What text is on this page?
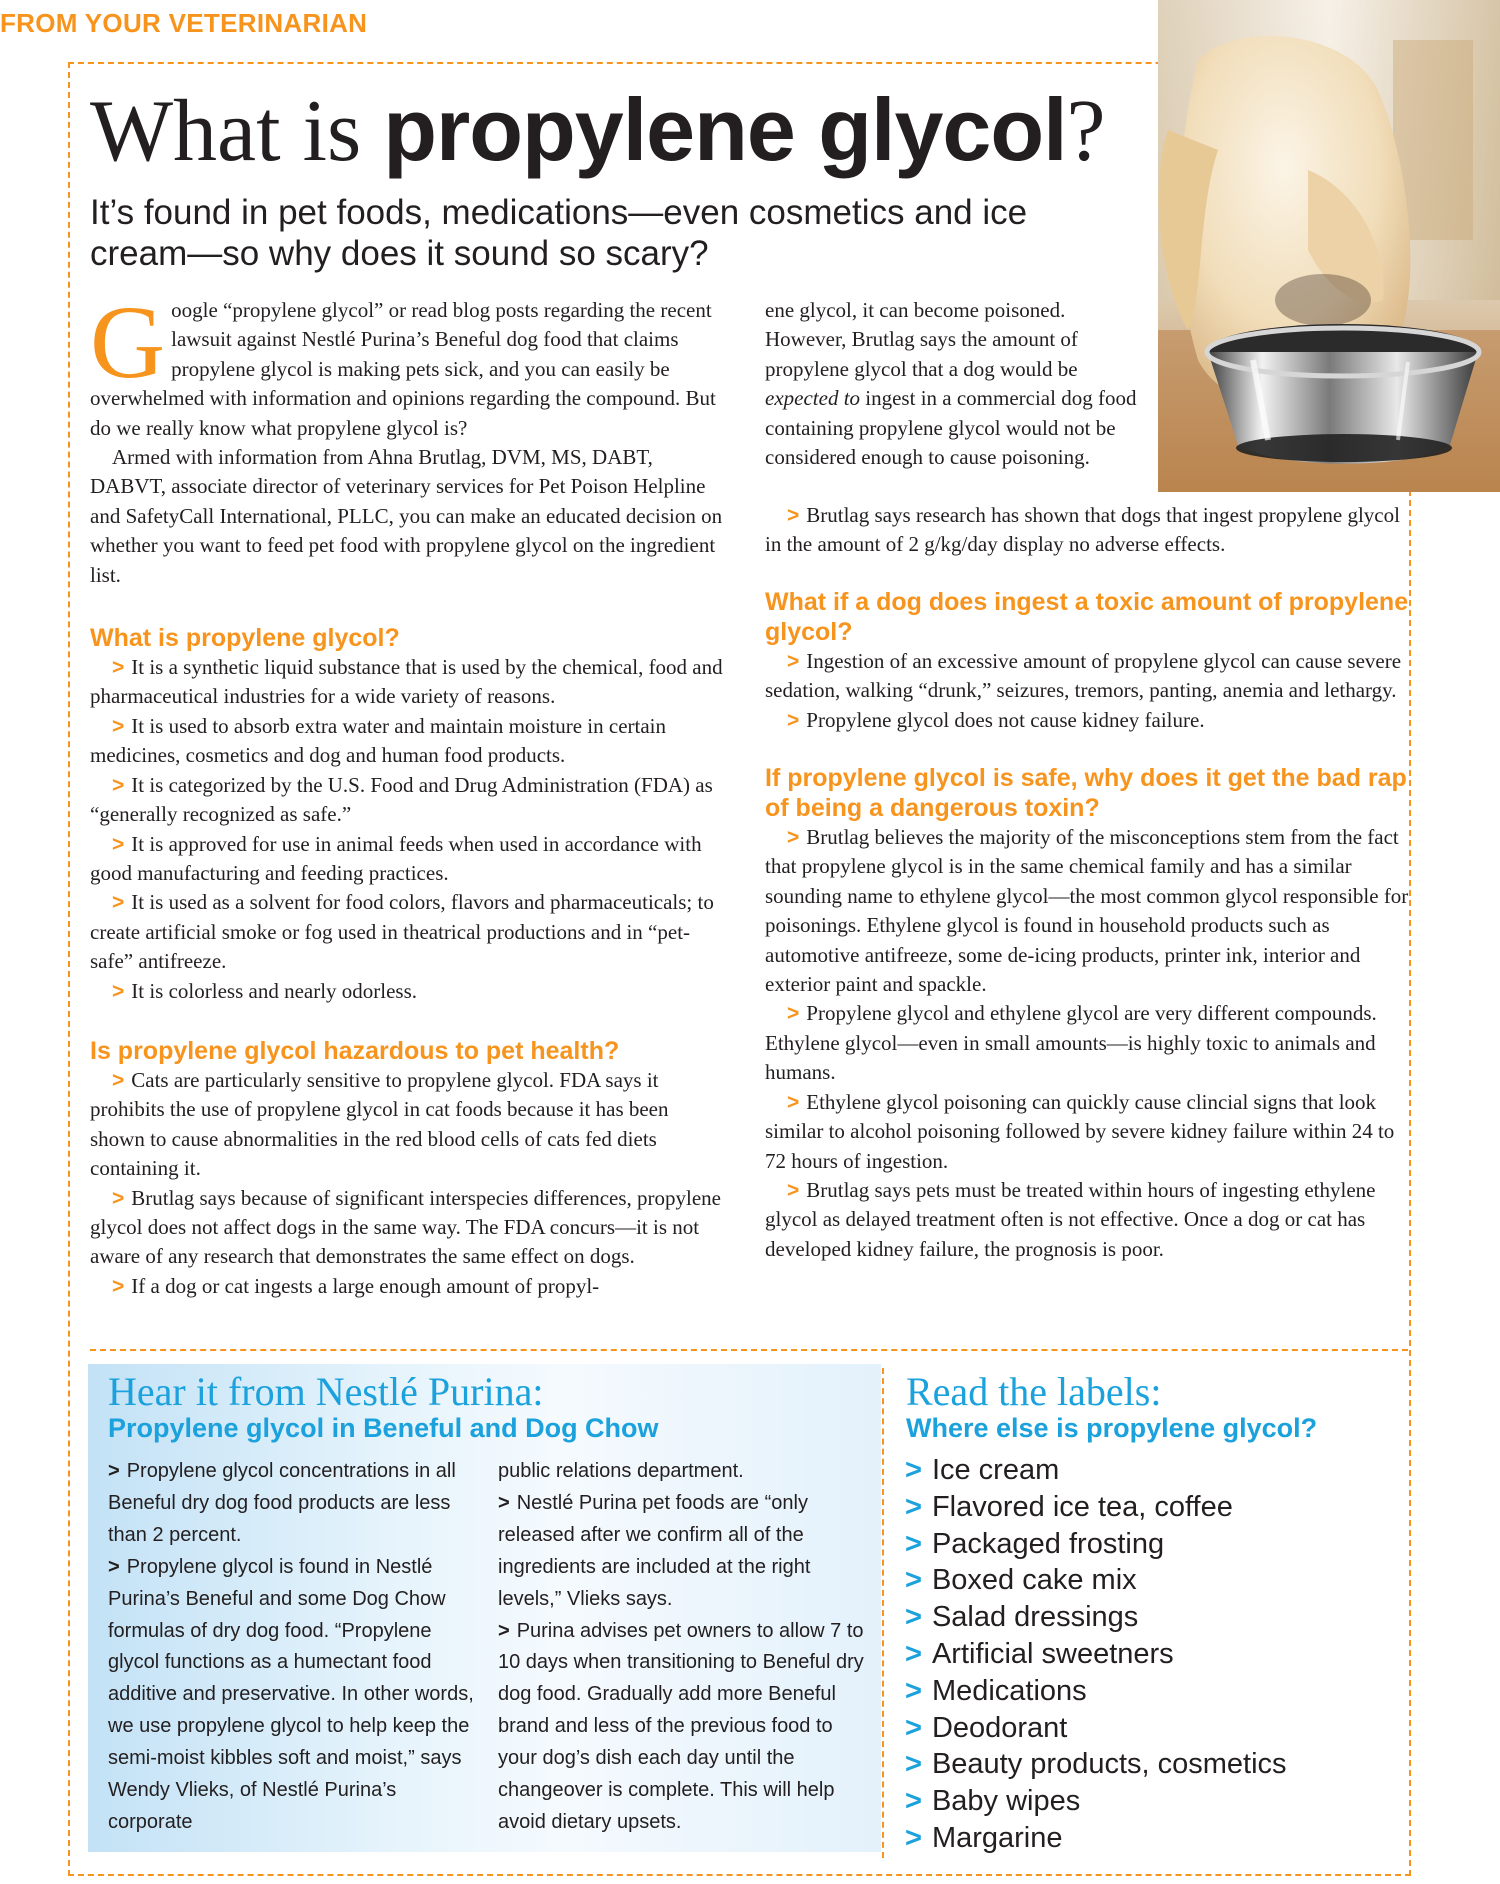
FROM YOUR VETERINARIAN
What is propylene glycol?
It’s found in pet foods, medications—even cosmetics and ice cream—so why does it sound so scary?

Google “propylene glycol” or read blog posts regarding the recent lawsuit against Nestlé Purina’s Beneful dog food that claims propylene glycol is making pets sick, and you can easily be overwhelmed with information and opinions regarding the compound. But do we really know what propylene glycol is?

Armed with information from Ahna Brutlag, DVM, MS, DABT, DABVT, associate director of veterinary services for Pet Poison Helpline and SafetyCall International, PLLC, you can make an educated decision on whether you want to feed pet food with propylene glycol on the ingredient list.

What is propylene glycol?

> It is a synthetic liquid substance that is used by the chemical, food and pharmaceutical industries for a wide variety of reasons.

> It is used to absorb extra water and maintain moisture in certain medicines, cosmetics and dog and human food products.

> It is categorized by the U.S. Food and Drug Administration (FDA) as “generally recognized as safe.”

> It is approved for use in animal feeds when used in accordance with good manufacturing and feeding practices.

> It is used as a solvent for food colors, flavors and pharmaceuticals; to create artificial smoke or fog used in theatrical productions and in “pet-safe” antifreeze.

> It is colorless and nearly odorless.

Is propylene glycol hazardous to pet health?

> Cats are particularly sensitive to propylene glycol. FDA says it prohibits the use of propylene glycol in cat foods because it has been shown to cause abnormalities in the red blood cells of cats fed diets containing it.

> Brutlag says because of significant interspecies differences, propylene glycol does not affect dogs in the same way. The FDA concurs—it is not aware of any research that demonstrates the same effect on dogs.

> If a dog or cat ingests a large enough amount of propyl-

ene glycol, it can become poisoned. However, Brutlag says the amount of propylene glycol that a dog would be expected to ingest in a commercial dog food containing propylene glycol would not be considered enough to cause poisoning.

> Brutlag says research has shown that dogs that ingest propylene glycol in the amount of 2 g/kg/day display no adverse effects.

What if a dog does ingest a toxic amount of propylene glycol?

> Ingestion of an excessive amount of propylene glycol can cause severe sedation, walking “drunk,” seizures, tremors, panting, anemia and lethargy.

> Propylene glycol does not cause kidney failure.

If propylene glycol is safe, why does it get the bad rap of being a dangerous toxin?

> Brutlag believes the majority of the misconceptions stem from the fact that propylene glycol is in the same chemical family and has a similar sounding name to ethylene glycol—the most common glycol responsible for poisonings. Ethylene glycol is found in household products such as automotive antifreeze, some de-icing products, printer ink, interior and exterior paint and spackle.

> Propylene glycol and ethylene glycol are very different compounds. Ethylene glycol—even in small amounts—is highly toxic to animals and humans.

> Ethylene glycol poisoning can quickly cause clincial signs that look similar to alcohol poisoning followed by severe kidney failure within 24 to 72 hours of ingestion.

> Brutlag says pets must be treated within hours of ingesting ethylene glycol as delayed treatment often is not effective. Once a dog or cat has developed kidney failure, the prognosis is poor.

Hear it from Nestlé Purina:
Propylene glycol in Beneful and Dog Chow

> Propylene glycol concentrations in all Beneful dry dog food products are less than 2 percent.

> Propylene glycol is found in Nestlé Purina’s Beneful and some Dog Chow formulas of dry dog food. “Propylene glycol functions as a humectant food additive and preservative. In other words, we use propylene glycol to help keep the semi-moist kibbles soft and moist,” says Wendy Vlieks, of Nestlé Purina’s corporate

public relations department.

> Nestlé Purina pet foods are “only released after we confirm all of the ingredients are included at the right levels,” Vlieks says.

> Purina advises pet owners to allow 7 to 10 days when transitioning to Beneful dry dog food. Gradually add more Beneful brand and less of the previous food to your dog’s dish each day until the changeover is complete. This will help avoid dietary upsets.

Read the labels:
Where else is propylene glycol?
> Ice cream
> Flavored ice tea, coffee
> Packaged frosting
> Boxed cake mix
> Salad dressings
> Artificial sweetners
> Medications
> Deodorant
> Beauty products, cosmetics
> Baby wipes
> Margarine
